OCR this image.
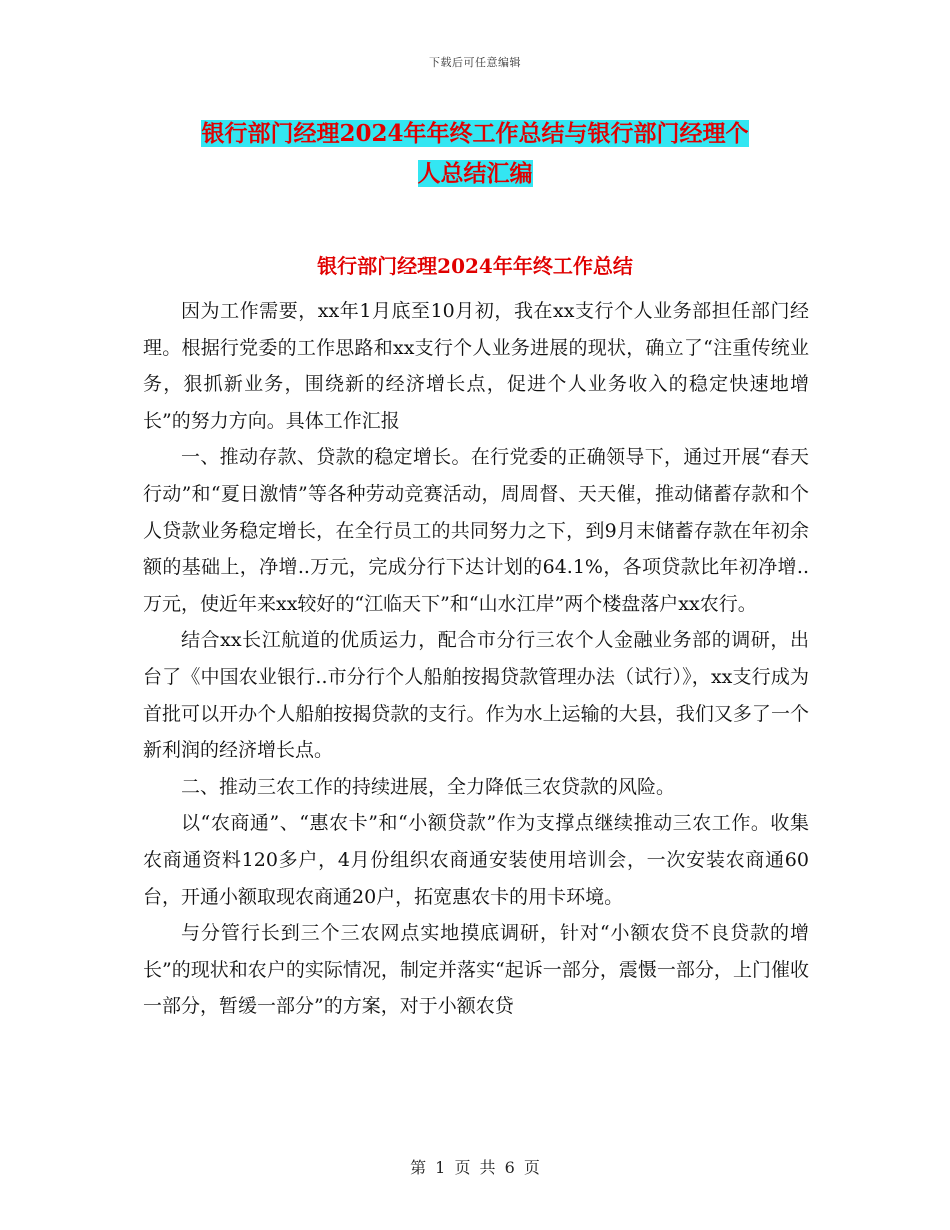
下载后可任意编辑
银行部门经理2024年年终工作总结与银行部门经理个
人总结汇编
银行部门经理2024年年终工作总结

因为工作需要，xx年1月底至10月初，我在xx支行个人业务部担任部门经理。根据行党委的工作思路和xx支行个人业务进展的现状，确立了“注重传统业务，狠抓新业务，围绕新的经济增长点，促进个人业务收入的稳定快速地增长”的努力方向。具体工作汇报

一、推动存款、贷款的稳定增长。在行党委的正确领导下，通过开展“春天行动”和“夏日激情”等各种劳动竞赛活动，周周督、天天催，推动储蓄存款和个人贷款业务稳定增长，在全行员工的共同努力之下，到9月末储蓄存款在年初余额的基础上，净增..万元，完成分行下达计划的64.1%，各项贷款比年初净增..万元，使近年来xx较好的“江临天下”和“山水江岸”两个楼盘落户xx农行。

结合xx长江航道的优质运力，配合市分行三农个人金融业务部的调研，出台了《中国农业银行..市分行个人船舶按揭贷款管理办法（试行）》，xx支行成为首批可以开办个人船舶按揭贷款的支行。作为水上运输的大县，我们又多了一个新利润的经济增长点。

二、推动三农工作的持续进展，全力降低三农贷款的风险。

以“农商通”、“惠农卡”和“小额贷款”作为支撑点继续推动三农工作。收集农商通资料120多户，4月份组织农商通安装使用培训会，一次安装农商通60台，开通小额取现农商通20户，拓宽惠农卡的用卡环境。

与分管行长到三个三农网点实地摸底调研，针对“小额农贷不良贷款的增长”的现状和农户的实际情况，制定并落实“起诉一部分，震慑一部分，上门催收一部分，暂缓一部分”的方案，对于小额农贷

第 1 页 共 6 页
